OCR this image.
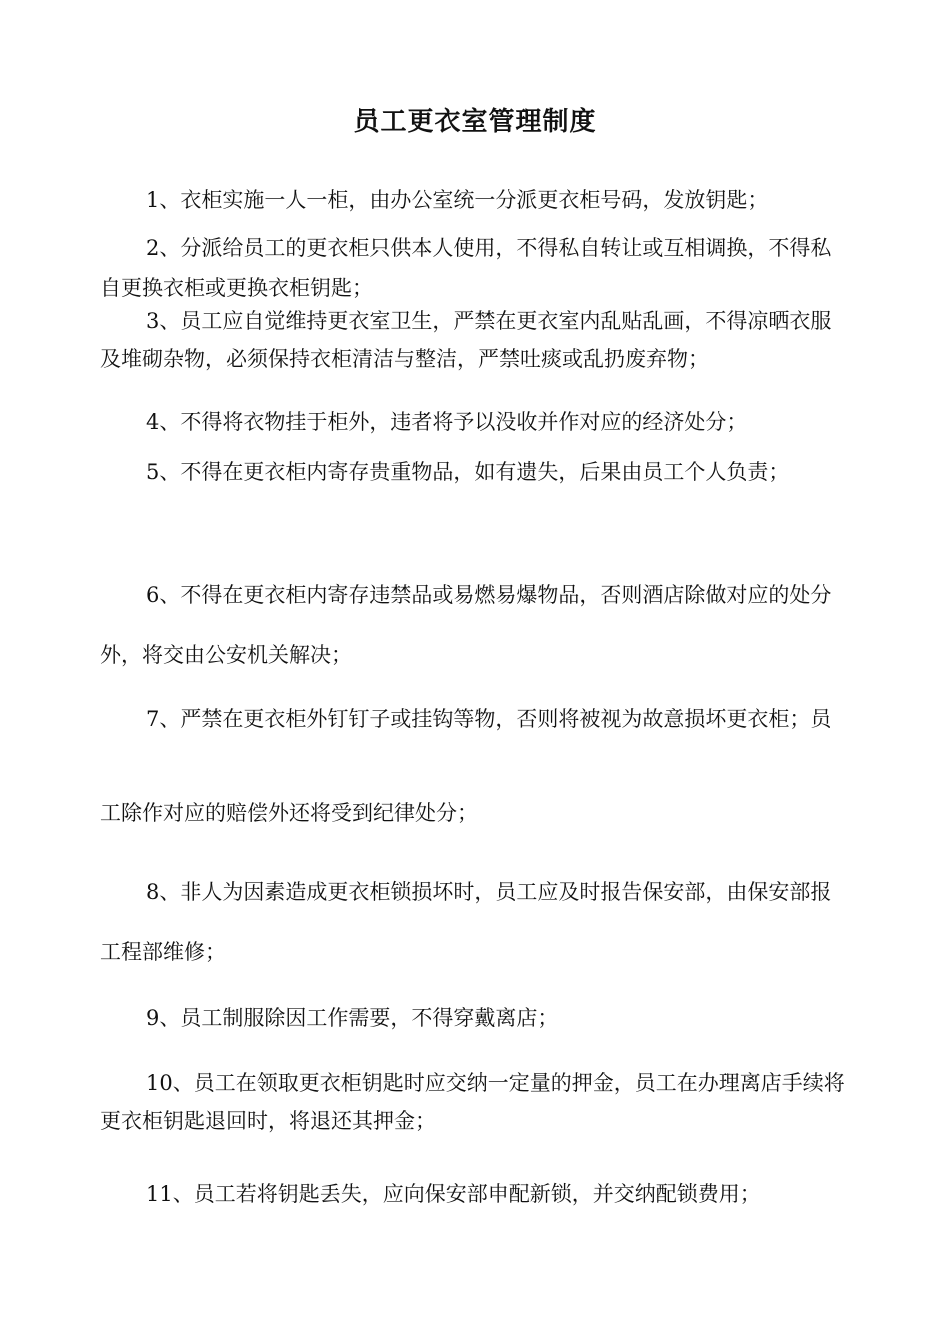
员工更衣室管理制度

1、衣柜实施一人一柜，由办公室统一分派更衣柜号码，发放钥匙；

2、分派给员工的更衣柜只供本人使用，不得私自转让或互相调换，不得私自更换衣柜或更换衣柜钥匙；

3、员工应自觉维持更衣室卫生，严禁在更衣室内乱贴乱画，不得凉晒衣服及堆砌杂物，必须保持衣柜清洁与整洁，严禁吐痰或乱扔废弃物；

4、不得将衣物挂于柜外，违者将予以没收并作对应的经济处分；

5、不得在更衣柜内寄存贵重物品，如有遗失，后果由员工个人负责；

6、不得在更衣柜内寄存违禁品或易燃易爆物品，否则酒店除做对应的处分外，将交由公安机关解决；

7、严禁在更衣柜外钉钉子或挂钩等物，否则将被视为故意损坏更衣柜；员工除作对应的赔偿外还将受到纪律处分；

8、非人为因素造成更衣柜锁损坏时，员工应及时报告保安部，由保安部报工程部维修；

9、员工制服除因工作需要，不得穿戴离店；

10、员工在领取更衣柜钥匙时应交纳一定量的押金，员工在办理离店手续将更衣柜钥匙退回时，将退还其押金；

11、员工若将钥匙丢失，应向保安部申配新锁，并交纳配锁费用；
